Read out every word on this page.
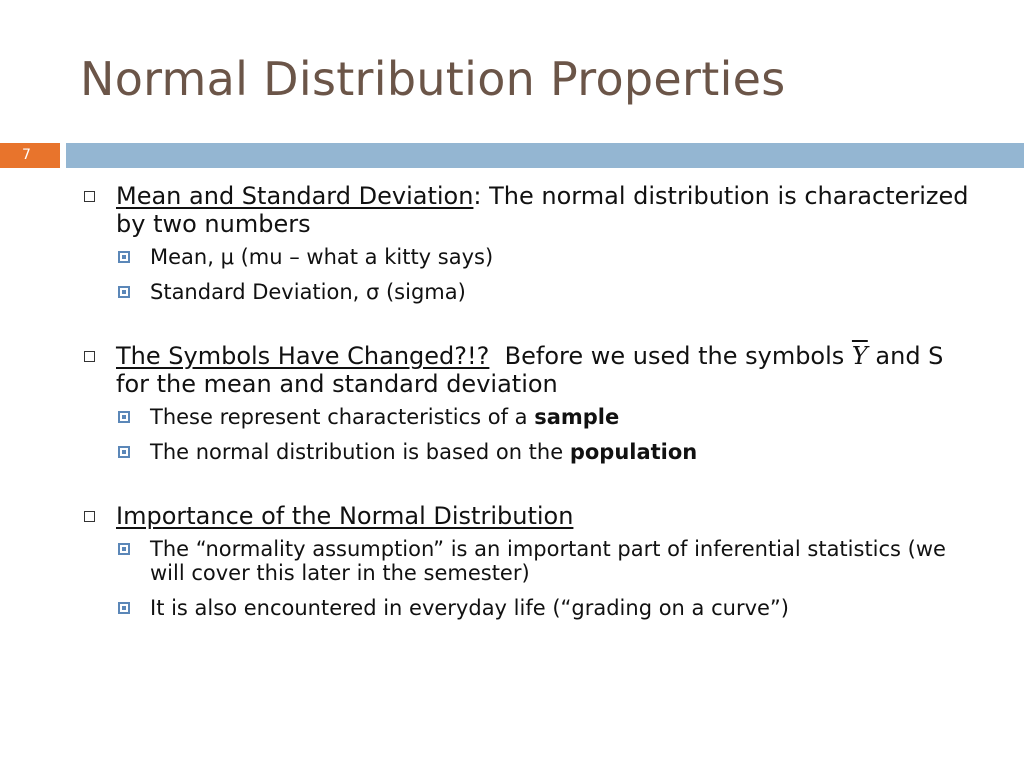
Normal Distribution Properties
7
Mean and Standard Deviation: The normal distribution is characterized by two numbers
Mean, μ (mu – what a kitty says)
Standard Deviation, σ (sigma)
The Symbols Have Changed?!?  Before we used the symbols $\overline{Y}$ and S for the mean and standard deviation
These represent characteristics of a sample
The normal distribution is based on the population
Importance of the Normal Distribution
The “normality assumption” is an important part of inferential statistics (we will cover this later in the semester)
It is also encountered in everyday life (“grading on a curve”)
